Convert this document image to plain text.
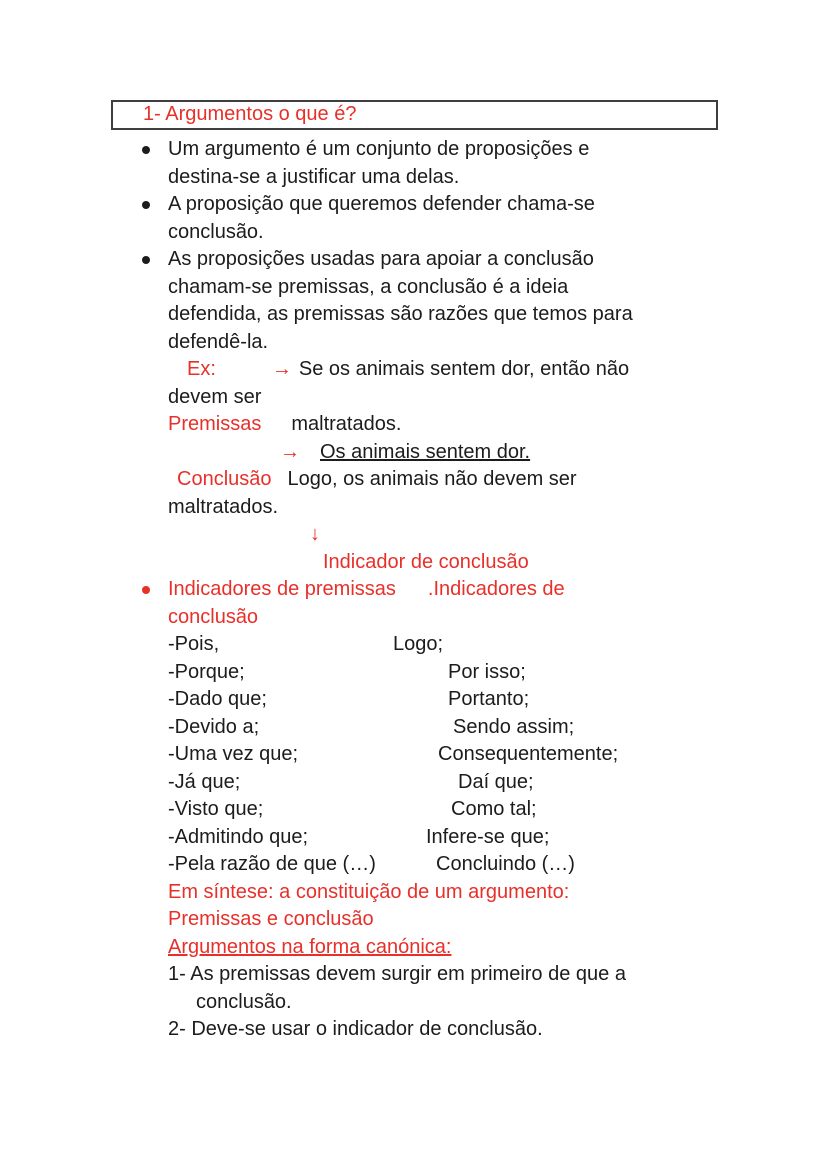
1- Argumentos o que é?
Um argumento é um conjunto de proposições e
destina-se a justificar uma delas.
A proposição que queremos defender chama-se
conclusão.
As proposições usadas para apoiar a conclusão
chamam-se premissas, a conclusão é a ideia
defendida, as premissas são razões que temos para
defendê-la.
Ex:	→ Se os animais sentem dor, então não
devem ser
Premissas maltratados.
→ Os animais sentem dor.
Conclusão Logo, os animais não devem ser
maltratados.
↓
Indicador de conclusão
Indicadores de premissas .Indicadores de
conclusão
-Pois,	Logo;
-Porque;	Por isso;
-Dado que;	Portanto;
-Devido a;	Sendo assim;
-Uma vez que;	Consequentemente;
-Já que;	Daí que;
-Visto que;	Como tal;
-Admitindo que;	Infere-se que;
-Pela razão de que (…)	Concluindo (…)
Em síntese: a constituição de um argumento:
Premissas e conclusão
Argumentos na forma canónica:
1- As premissas devem surgir em primeiro de que a
conclusão.
2- Deve-se usar o indicador de conclusão.
